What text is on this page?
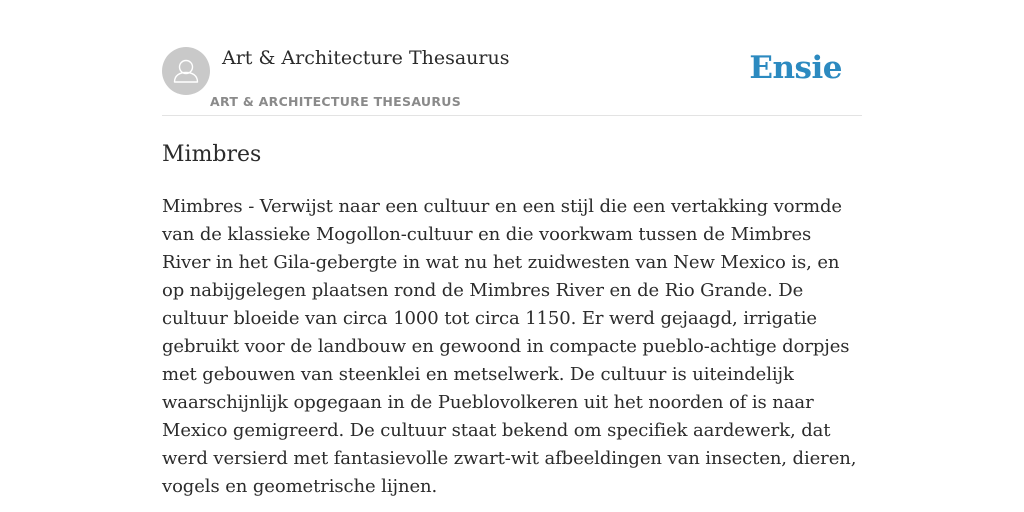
Art & Architecture Thesaurus
ART & ARCHITECTURE THESAURUS
Ensie
Mimbres

Mimbres - Verwijst naar een cultuur en een stijl die een vertakking vormde van de klassieke Mogollon-cultuur en die voorkwam tussen de Mimbres River in het Gila-gebergte in wat nu het zuidwesten van New Mexico is, en op nabijgelegen plaatsen rond de Mimbres River en de Rio Grande. De cultuur bloeide van circa 1000 tot circa 1150. Er werd gejaagd, irrigatie gebruikt voor de landbouw en gewoond in compacte pueblo-achtige dorpjes met gebouwen van steenklei en metselwerk. De cultuur is uiteindelijk waarschijnlijk opgegaan in de Pueblovolkeren uit het noorden of is naar Mexico gemigreerd. De cultuur staat bekend om specifiek aardewerk, dat werd versierd met fantasievolle zwart-wit afbeeldingen van insecten, dieren, vogels en geometrische lijnen.
